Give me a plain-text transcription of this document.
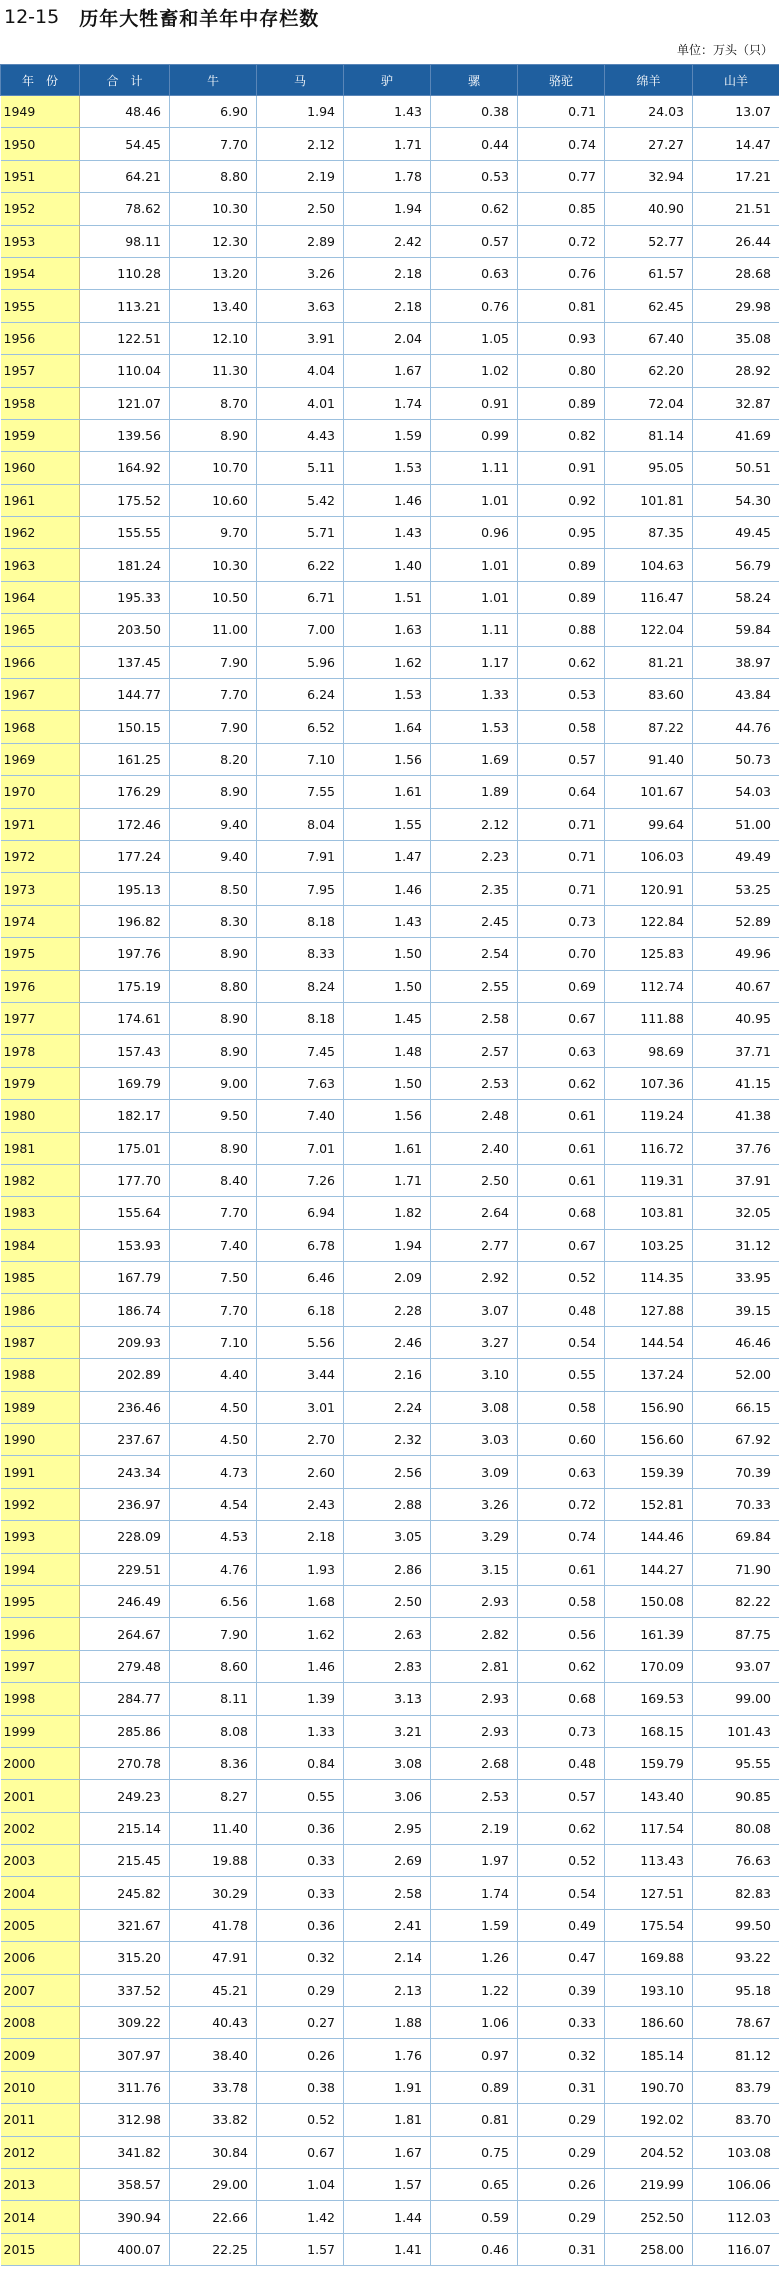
12-15 历年大牲畜和羊年中存栏数
单位：万头（只）
年　份	合　计	牛	马	驴	骡	骆驼	绵羊	山羊
1949	48.46	6.90	1.94	1.43	0.38	0.71	24.03	13.07
1950	54.45	7.70	2.12	1.71	0.44	0.74	27.27	14.47
1951	64.21	8.80	2.19	1.78	0.53	0.77	32.94	17.21
1952	78.62	10.30	2.50	1.94	0.62	0.85	40.90	21.51
1953	98.11	12.30	2.89	2.42	0.57	0.72	52.77	26.44
1954	110.28	13.20	3.26	2.18	0.63	0.76	61.57	28.68
1955	113.21	13.40	3.63	2.18	0.76	0.81	62.45	29.98
1956	122.51	12.10	3.91	2.04	1.05	0.93	67.40	35.08
1957	110.04	11.30	4.04	1.67	1.02	0.80	62.20	28.92
1958	121.07	8.70	4.01	1.74	0.91	0.89	72.04	32.87
1959	139.56	8.90	4.43	1.59	0.99	0.82	81.14	41.69
1960	164.92	10.70	5.11	1.53	1.11	0.91	95.05	50.51
1961	175.52	10.60	5.42	1.46	1.01	0.92	101.81	54.30
1962	155.55	9.70	5.71	1.43	0.96	0.95	87.35	49.45
1963	181.24	10.30	6.22	1.40	1.01	0.89	104.63	56.79
1964	195.33	10.50	6.71	1.51	1.01	0.89	116.47	58.24
1965	203.50	11.00	7.00	1.63	1.11	0.88	122.04	59.84
1966	137.45	7.90	5.96	1.62	1.17	0.62	81.21	38.97
1967	144.77	7.70	6.24	1.53	1.33	0.53	83.60	43.84
1968	150.15	7.90	6.52	1.64	1.53	0.58	87.22	44.76
1969	161.25	8.20	7.10	1.56	1.69	0.57	91.40	50.73
1970	176.29	8.90	7.55	1.61	1.89	0.64	101.67	54.03
1971	172.46	9.40	8.04	1.55	2.12	0.71	99.64	51.00
1972	177.24	9.40	7.91	1.47	2.23	0.71	106.03	49.49
1973	195.13	8.50	7.95	1.46	2.35	0.71	120.91	53.25
1974	196.82	8.30	8.18	1.43	2.45	0.73	122.84	52.89
1975	197.76	8.90	8.33	1.50	2.54	0.70	125.83	49.96
1976	175.19	8.80	8.24	1.50	2.55	0.69	112.74	40.67
1977	174.61	8.90	8.18	1.45	2.58	0.67	111.88	40.95
1978	157.43	8.90	7.45	1.48	2.57	0.63	98.69	37.71
1979	169.79	9.00	7.63	1.50	2.53	0.62	107.36	41.15
1980	182.17	9.50	7.40	1.56	2.48	0.61	119.24	41.38
1981	175.01	8.90	7.01	1.61	2.40	0.61	116.72	37.76
1982	177.70	8.40	7.26	1.71	2.50	0.61	119.31	37.91
1983	155.64	7.70	6.94	1.82	2.64	0.68	103.81	32.05
1984	153.93	7.40	6.78	1.94	2.77	0.67	103.25	31.12
1985	167.79	7.50	6.46	2.09	2.92	0.52	114.35	33.95
1986	186.74	7.70	6.18	2.28	3.07	0.48	127.88	39.15
1987	209.93	7.10	5.56	2.46	3.27	0.54	144.54	46.46
1988	202.89	4.40	3.44	2.16	3.10	0.55	137.24	52.00
1989	236.46	4.50	3.01	2.24	3.08	0.58	156.90	66.15
1990	237.67	4.50	2.70	2.32	3.03	0.60	156.60	67.92
1991	243.34	4.73	2.60	2.56	3.09	0.63	159.39	70.39
1992	236.97	4.54	2.43	2.88	3.26	0.72	152.81	70.33
1993	228.09	4.53	2.18	3.05	3.29	0.74	144.46	69.84
1994	229.51	4.76	1.93	2.86	3.15	0.61	144.27	71.90
1995	246.49	6.56	1.68	2.50	2.93	0.58	150.08	82.22
1996	264.67	7.90	1.62	2.63	2.82	0.56	161.39	87.75
1997	279.48	8.60	1.46	2.83	2.81	0.62	170.09	93.07
1998	284.77	8.11	1.39	3.13	2.93	0.68	169.53	99.00
1999	285.86	8.08	1.33	3.21	2.93	0.73	168.15	101.43
2000	270.78	8.36	0.84	3.08	2.68	0.48	159.79	95.55
2001	249.23	8.27	0.55	3.06	2.53	0.57	143.40	90.85
2002	215.14	11.40	0.36	2.95	2.19	0.62	117.54	80.08
2003	215.45	19.88	0.33	2.69	1.97	0.52	113.43	76.63
2004	245.82	30.29	0.33	2.58	1.74	0.54	127.51	82.83
2005	321.67	41.78	0.36	2.41	1.59	0.49	175.54	99.50
2006	315.20	47.91	0.32	2.14	1.26	0.47	169.88	93.22
2007	337.52	45.21	0.29	2.13	1.22	0.39	193.10	95.18
2008	309.22	40.43	0.27	1.88	1.06	0.33	186.60	78.67
2009	307.97	38.40	0.26	1.76	0.97	0.32	185.14	81.12
2010	311.76	33.78	0.38	1.91	0.89	0.31	190.70	83.79
2011	312.98	33.82	0.52	1.81	0.81	0.29	192.02	83.70
2012	341.82	30.84	0.67	1.67	0.75	0.29	204.52	103.08
2013	358.57	29.00	1.04	1.57	0.65	0.26	219.99	106.06
2014	390.94	22.66	1.42	1.44	0.59	0.29	252.50	112.03
2015	400.07	22.25	1.57	1.41	0.46	0.31	258.00	116.07
